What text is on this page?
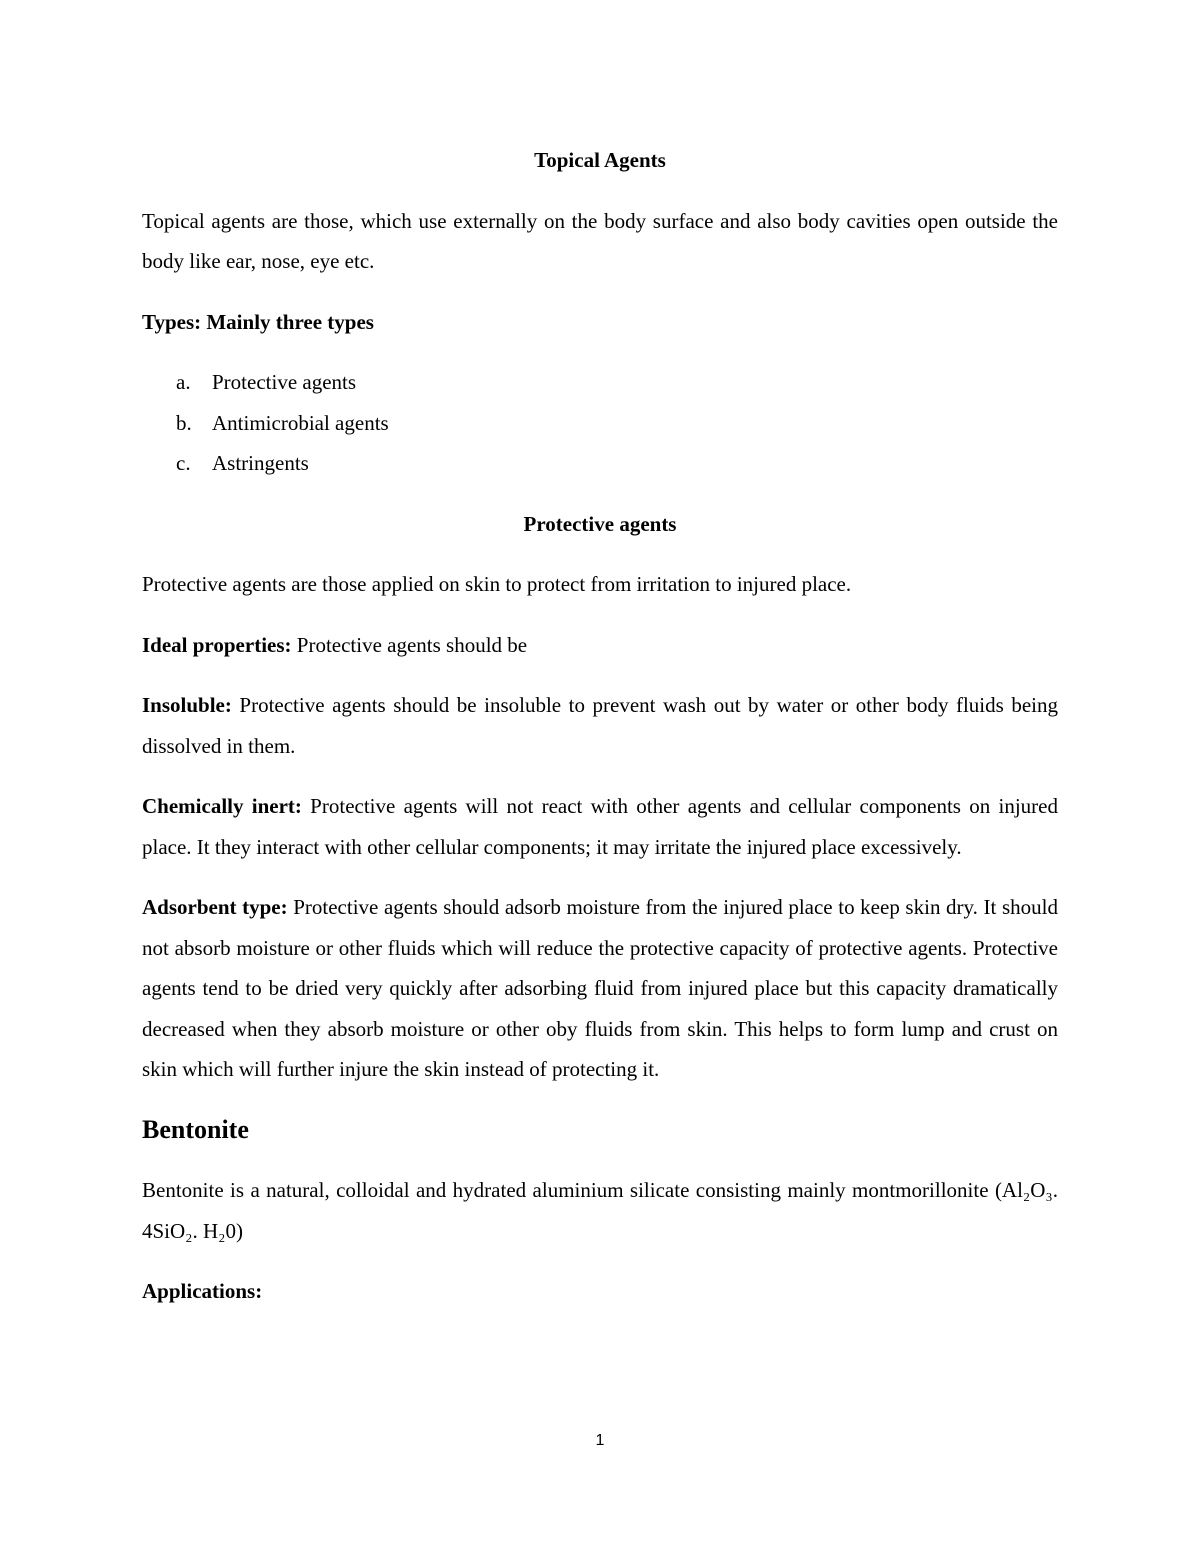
Topical Agents

Topical agents are those, which use externally on the body surface and also body cavities open outside the body like ear, nose, eye etc.

Types: Mainly three types

a. Protective agents
b. Antimicrobial agents
c. Astringents
Protective agents

Protective agents are those applied on skin to protect from irritation to injured place.

Ideal properties: Protective agents should be

Insoluble: Protective agents should be insoluble to prevent wash out by water or other body fluids being dissolved in them.

Chemically inert: Protective agents will not react with other agents and cellular components on injured place. It they interact with other cellular components; it may irritate the injured place excessively.

Adsorbent type: Protective agents should adsorb moisture from the injured place to keep skin dry. It should not absorb moisture or other fluids which will reduce the protective capacity of protective agents. Protective agents tend to be dried very quickly after adsorbing fluid from injured place but this capacity dramatically decreased when they absorb moisture or other oby fluids from skin. This helps to form lump and crust on skin which will further injure the skin instead of protecting it.

Bentonite

Bentonite is a natural, colloidal and hydrated aluminium silicate consisting mainly montmorillonite (Al₂O₃. 4SiO₂. H₂0)

Applications:

1
